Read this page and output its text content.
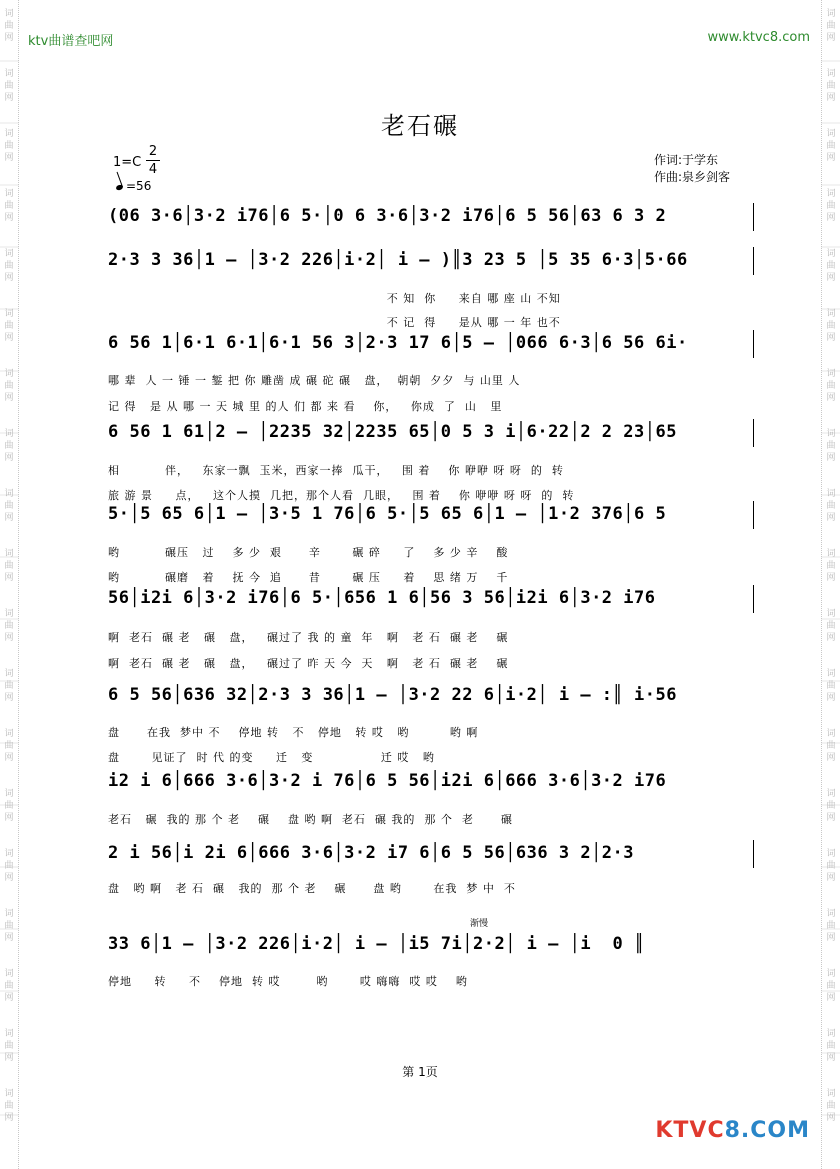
词曲网
词曲网
词曲网
词曲网
词曲网
词曲网
词曲网
词曲网
词曲网
词曲网
词曲网
词曲网
词曲网
词曲网
词曲网
词曲网
词曲网
词曲网
词曲网
词曲网
词曲网
词曲网
词曲网
词曲网
词曲网
词曲网
词曲网
词曲网
词曲网
词曲网
词曲网
词曲网
词曲网
词曲网
词曲网
词曲网
词曲网
词曲网
ktv曲谱查吧网	www.ktvc8.com
老石碾
1=C
2
4
=56
作词:于学东
作曲:泉乡剑客
(06 3·6│3·2 i76│6 5·│0 6 3·6│3·2 i76│6 5 56│63 6 3 2
2·3 3 36│1 — │3·2 226│i·2│ i — )║3 23 5 │5 35 6·3│5·66
不 知  你     来自 哪 座 山 不知
不 记  得     是从 哪 一 年 也不
6 56 1│6·1 6·1│6·1 56 3│2·3 17 6│5 — │066 6·3│6 56 6i·
哪 辈  人 一 锤 一 錾 把 你 雕凿 成 碾 砣 碾   盘，  朝朝  夕夕  与 山里 人
记 得   是 从 哪 一 天 城 里 的人 们 都 来 看    你，   你成  了  山   里
6 56 1 61│2 — │2235 32│2235 65│0 5 3 i│6·22│2 2 23│65
相          伴，   东家一飘  玉米，西家一捧  瓜干，   围 着    你 咿咿 呀 呀  的  转
旅 游 景     点，   这个人摸  几把，那个人看  几眼，   围 着    你 咿咿 呀 呀  的  转
5·│5 65 6│1 — │3·5 1 76│6 5·│5 65 6│1 — │1·2 376│6 5
哟          碾压   过    多 少  艰      辛       碾 碎     了    多 少 辛    酸
哟          碾磨   着    抚 今  追      昔       碾 压     着    思 绪 万    千
56│i2i 6│3·2 i76│6 5·│656 1 6│56 3 56│i2i 6│3·2 i76
啊  老石  碾 老   碾   盘，   碾过了 我 的 童  年   啊   老 石  碾 老    碾
啊  老石  碾 老   碾   盘，   碾过了 昨 天 今  天   啊   老 石  碾 老    碾
6 5 56│636 32│2·3 3 36│1 — │3·2 22 6│i·2│ i — :║ i·56
盘      在我  梦中 不    停地 转   不   停地   转 哎   哟         哟 啊
盘       见证了  时 代 的变     迁   变               迁 哎   哟
i2 i 6│666 3·6│3·2 i 76│6 5 56│i2i 6│666 3·6│3·2 i76
老石   碾  我的 那 个 老    碾    盘 哟 啊  老石  碾 我的  那 个  老      碾
2 i 56│i 2i 6│666 3·6│3·2 i7 6│6 5 56│636 3 2│2·3
盘   哟 啊   老 石  碾   我的  那 个 老    碾      盘 哟       在我  梦 中  不
渐慢
33 6│1 — │3·2 226│i·2│ i — │i5 7i│2·2│ i — │i  0 ║
停地     转     不    停地  转 哎        哟       哎 嗨嗨  哎 哎    哟
第 1页
KTVC8.COM
